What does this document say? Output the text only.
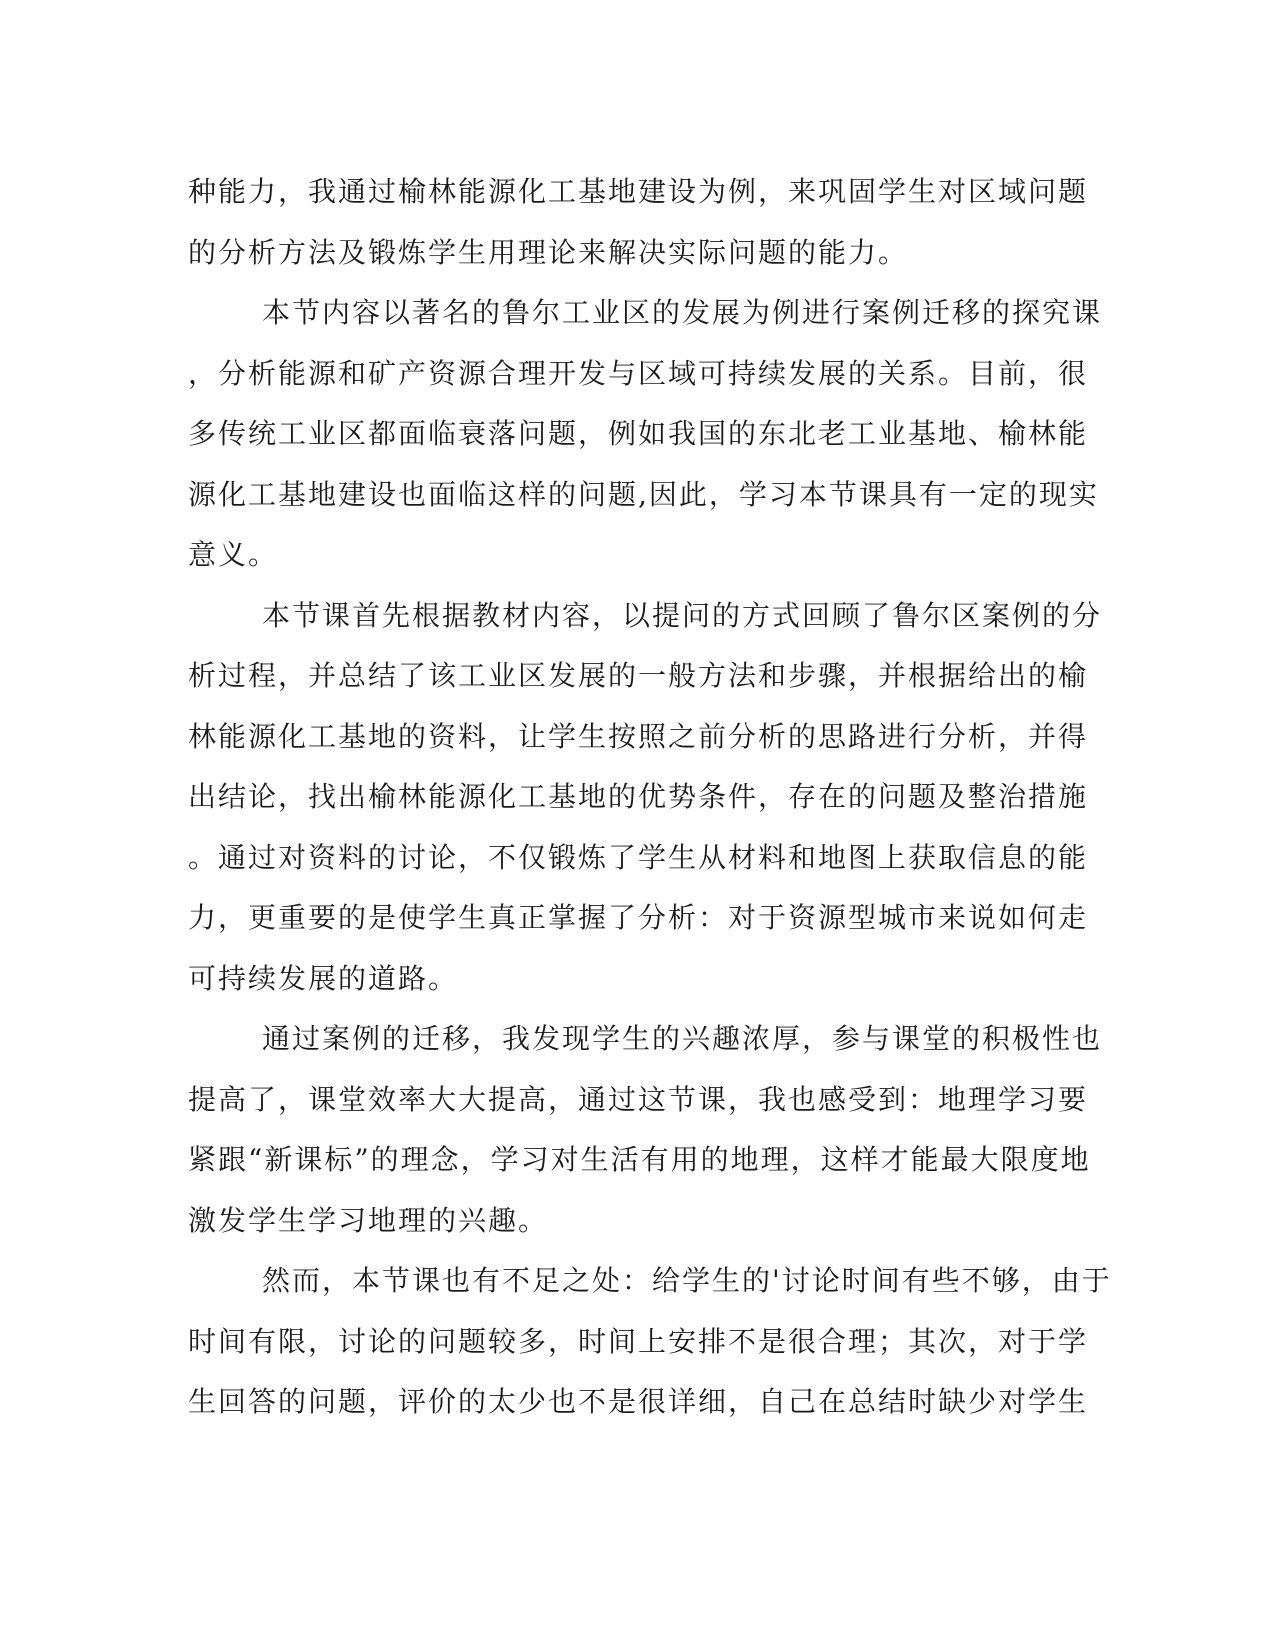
种能力，我通过榆林能源化工基地建设为例，来巩固学生对区域问题
的分析方法及锻炼学生用理论来解决实际问题的能力。
本节内容以著名的鲁尔工业区的发展为例进行案例迁移的探究课
，分析能源和矿产资源合理开发与区域可持续发展的关系。目前，很
多传统工业区都面临衰落问题，例如我国的东北老工业基地、榆林能
源化工基地建设也面临这样的问题,因此，学习本节课具有一定的现实
意义。
本节课首先根据教材内容，以提问的方式回顾了鲁尔区案例的分
析过程，并总结了该工业区发展的一般方法和步骤，并根据给出的榆
林能源化工基地的资料，让学生按照之前分析的思路进行分析，并得
出结论，找出榆林能源化工基地的优势条件，存在的问题及整治措施
。通过对资料的讨论，不仅锻炼了学生从材料和地图上获取信息的能
力，更重要的是使学生真正掌握了分析：对于资源型城市来说如何走
可持续发展的道路。
通过案例的迁移，我发现学生的兴趣浓厚，参与课堂的积极性也
提高了，课堂效率大大提高，通过这节课，我也感受到：地理学习要
紧跟“新课标”的理念，学习对生活有用的地理，这样才能最大限度地
激发学生学习地理的兴趣。
然而，本节课也有不足之处：给学生的'讨论时间有些不够，由于
时间有限，讨论的问题较多，时间上安排不是很合理；其次，对于学
生回答的问题，评价的太少也不是很详细，自己在总结时缺少对学生
